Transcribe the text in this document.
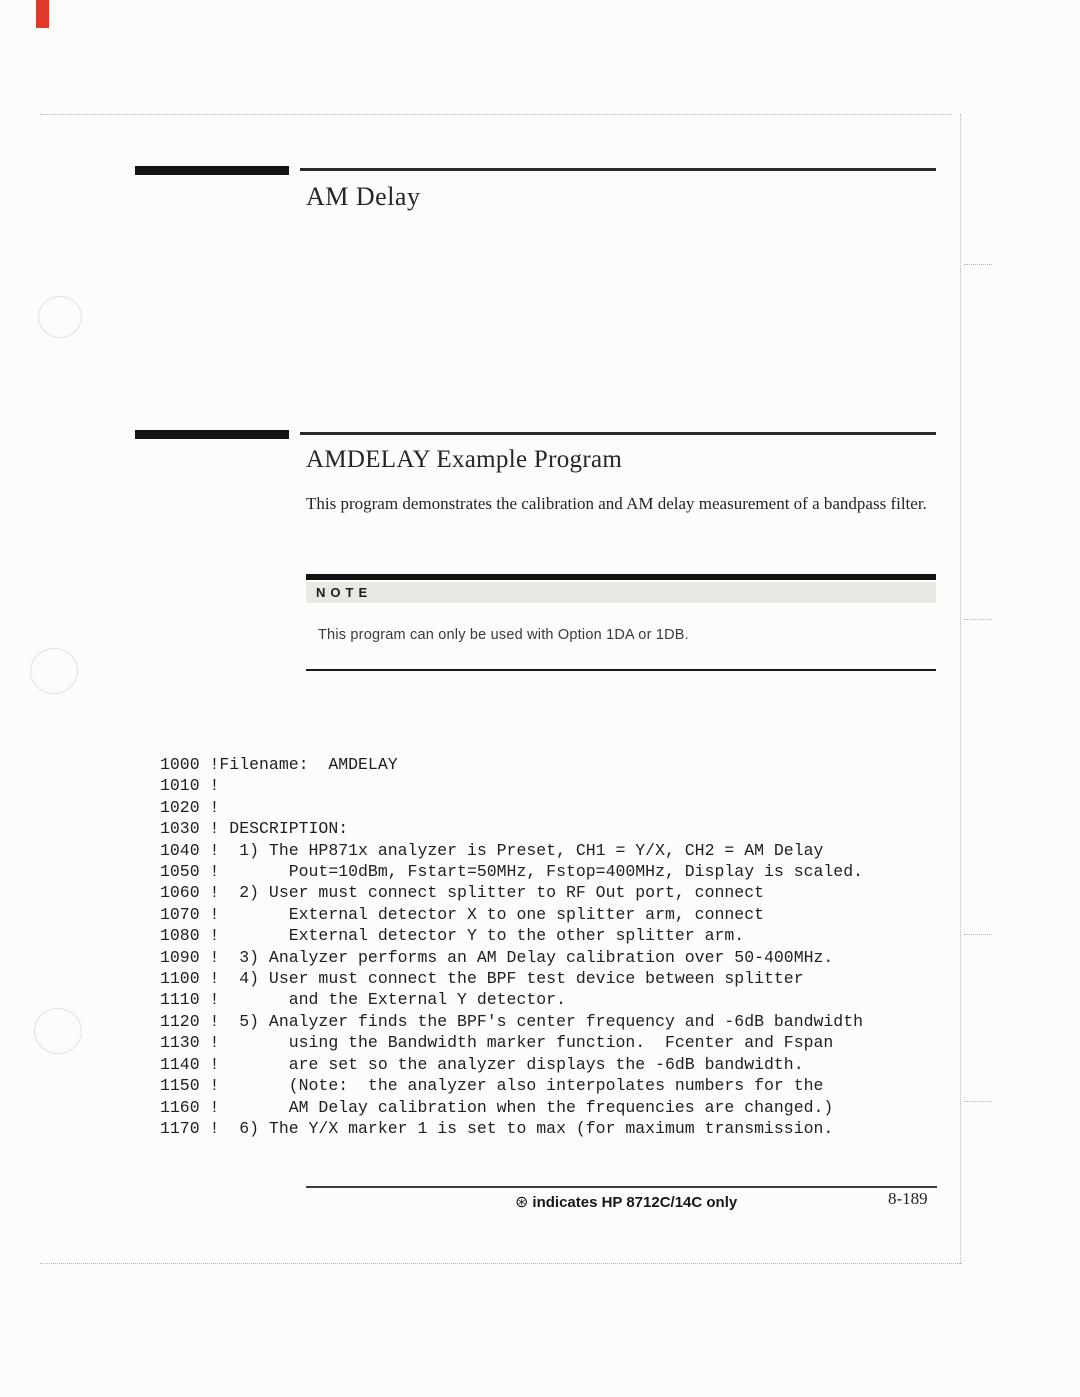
AM Delay
AMDELAY Example Program

This program demonstrates the calibration and AM delay measurement of a bandpass filter.

NOTE
This program can only be used with Option 1DA or 1DB.
1000 !Filename:  AMDELAY
1010 !
1020 !
1030 ! DESCRIPTION:
1040 !  1) The HP871x analyzer is Preset, CH1 = Y/X, CH2 = AM Delay
1050 !       Pout=10dBm, Fstart=50MHz, Fstop=400MHz, Display is scaled.
1060 !  2) User must connect splitter to RF Out port, connect
1070 !       External detector X to one splitter arm, connect
1080 !       External detector Y to the other splitter arm.
1090 !  3) Analyzer performs an AM Delay calibration over 50-400MHz.
1100 !  4) User must connect the BPF test device between splitter
1110 !       and the External Y detector.
1120 !  5) Analyzer finds the BPF's center frequency and -6dB bandwidth
1130 !       using the Bandwidth marker function.  Fcenter and Fspan
1140 !       are set so the analyzer displays the -6dB bandwidth.
1150 !       (Note:  the analyzer also interpolates numbers for the
1160 !       AM Delay calibration when the frequencies are changed.)
1170 !  6) The Y/X marker 1 is set to max (for maximum transmission.
⊛ indicates HP 8712C/14C only	8-189
